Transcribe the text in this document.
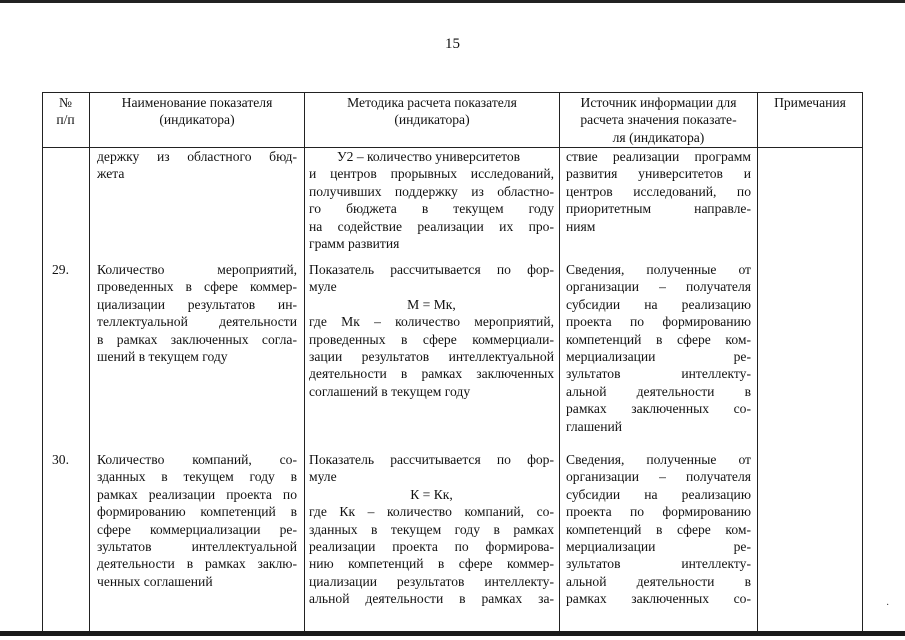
15
№
п/п
Наименование показателя
(индикатора)
Методика расчета показателя
(индикатора)
Источник информации для
расчета значения показате-
ля (индикатора)
Примечания

держку из областного бюд-

жета

У2 – количество университетов

и центров прорывных исследований,

получивших поддержку из областно-

го бюджета в текущем году

на содействие реализации их про-

грамм развития

ствие реализации программ

развития университетов и

центров исследований, по

приоритетным направле-

ниям

29. Количество мероприятий,

проведенных в сфере коммер-

циализации результатов ин-

теллектуальной деятельности

в рамках заключенных согла-

шений в текущем году

Показатель рассчитывается по фор-

муле

М = Мк,

где Мк – количество мероприятий,

проведенных в сфере коммерциали-

зации результатов интеллектуальной

деятельности в рамках заключенных

соглашений в текущем году

Сведения, полученные от

организации – получателя

субсидии на реализацию

проекта по формированию

компетенций в сфере ком-

мерциализации ре-

зультатов интеллекту-

альной деятельности в

рамках заключенных со-

глашений

30. Количество компаний, со-

зданных в текущем году в

рамках реализации проекта по

формированию компетенций в

сфере коммерциализации ре-

зультатов интеллектуальной

деятельности в рамках заклю-

ченных соглашений

Показатель рассчитывается по фор-

муле

К = Кк,

где Кк – количество компаний, со-

зданных в текущем году в рамках

реализации проекта по формирова-

нию компетенций в сфере коммер-

циализации результатов интеллекту-

альной деятельности в рамках за-

Сведения, полученные от

организации – получателя

субсидии на реализацию

проекта по формированию

компетенций в сфере ком-

мерциализации ре-

зультатов интеллекту-

альной деятельности в

рамках заключенных со-	·
